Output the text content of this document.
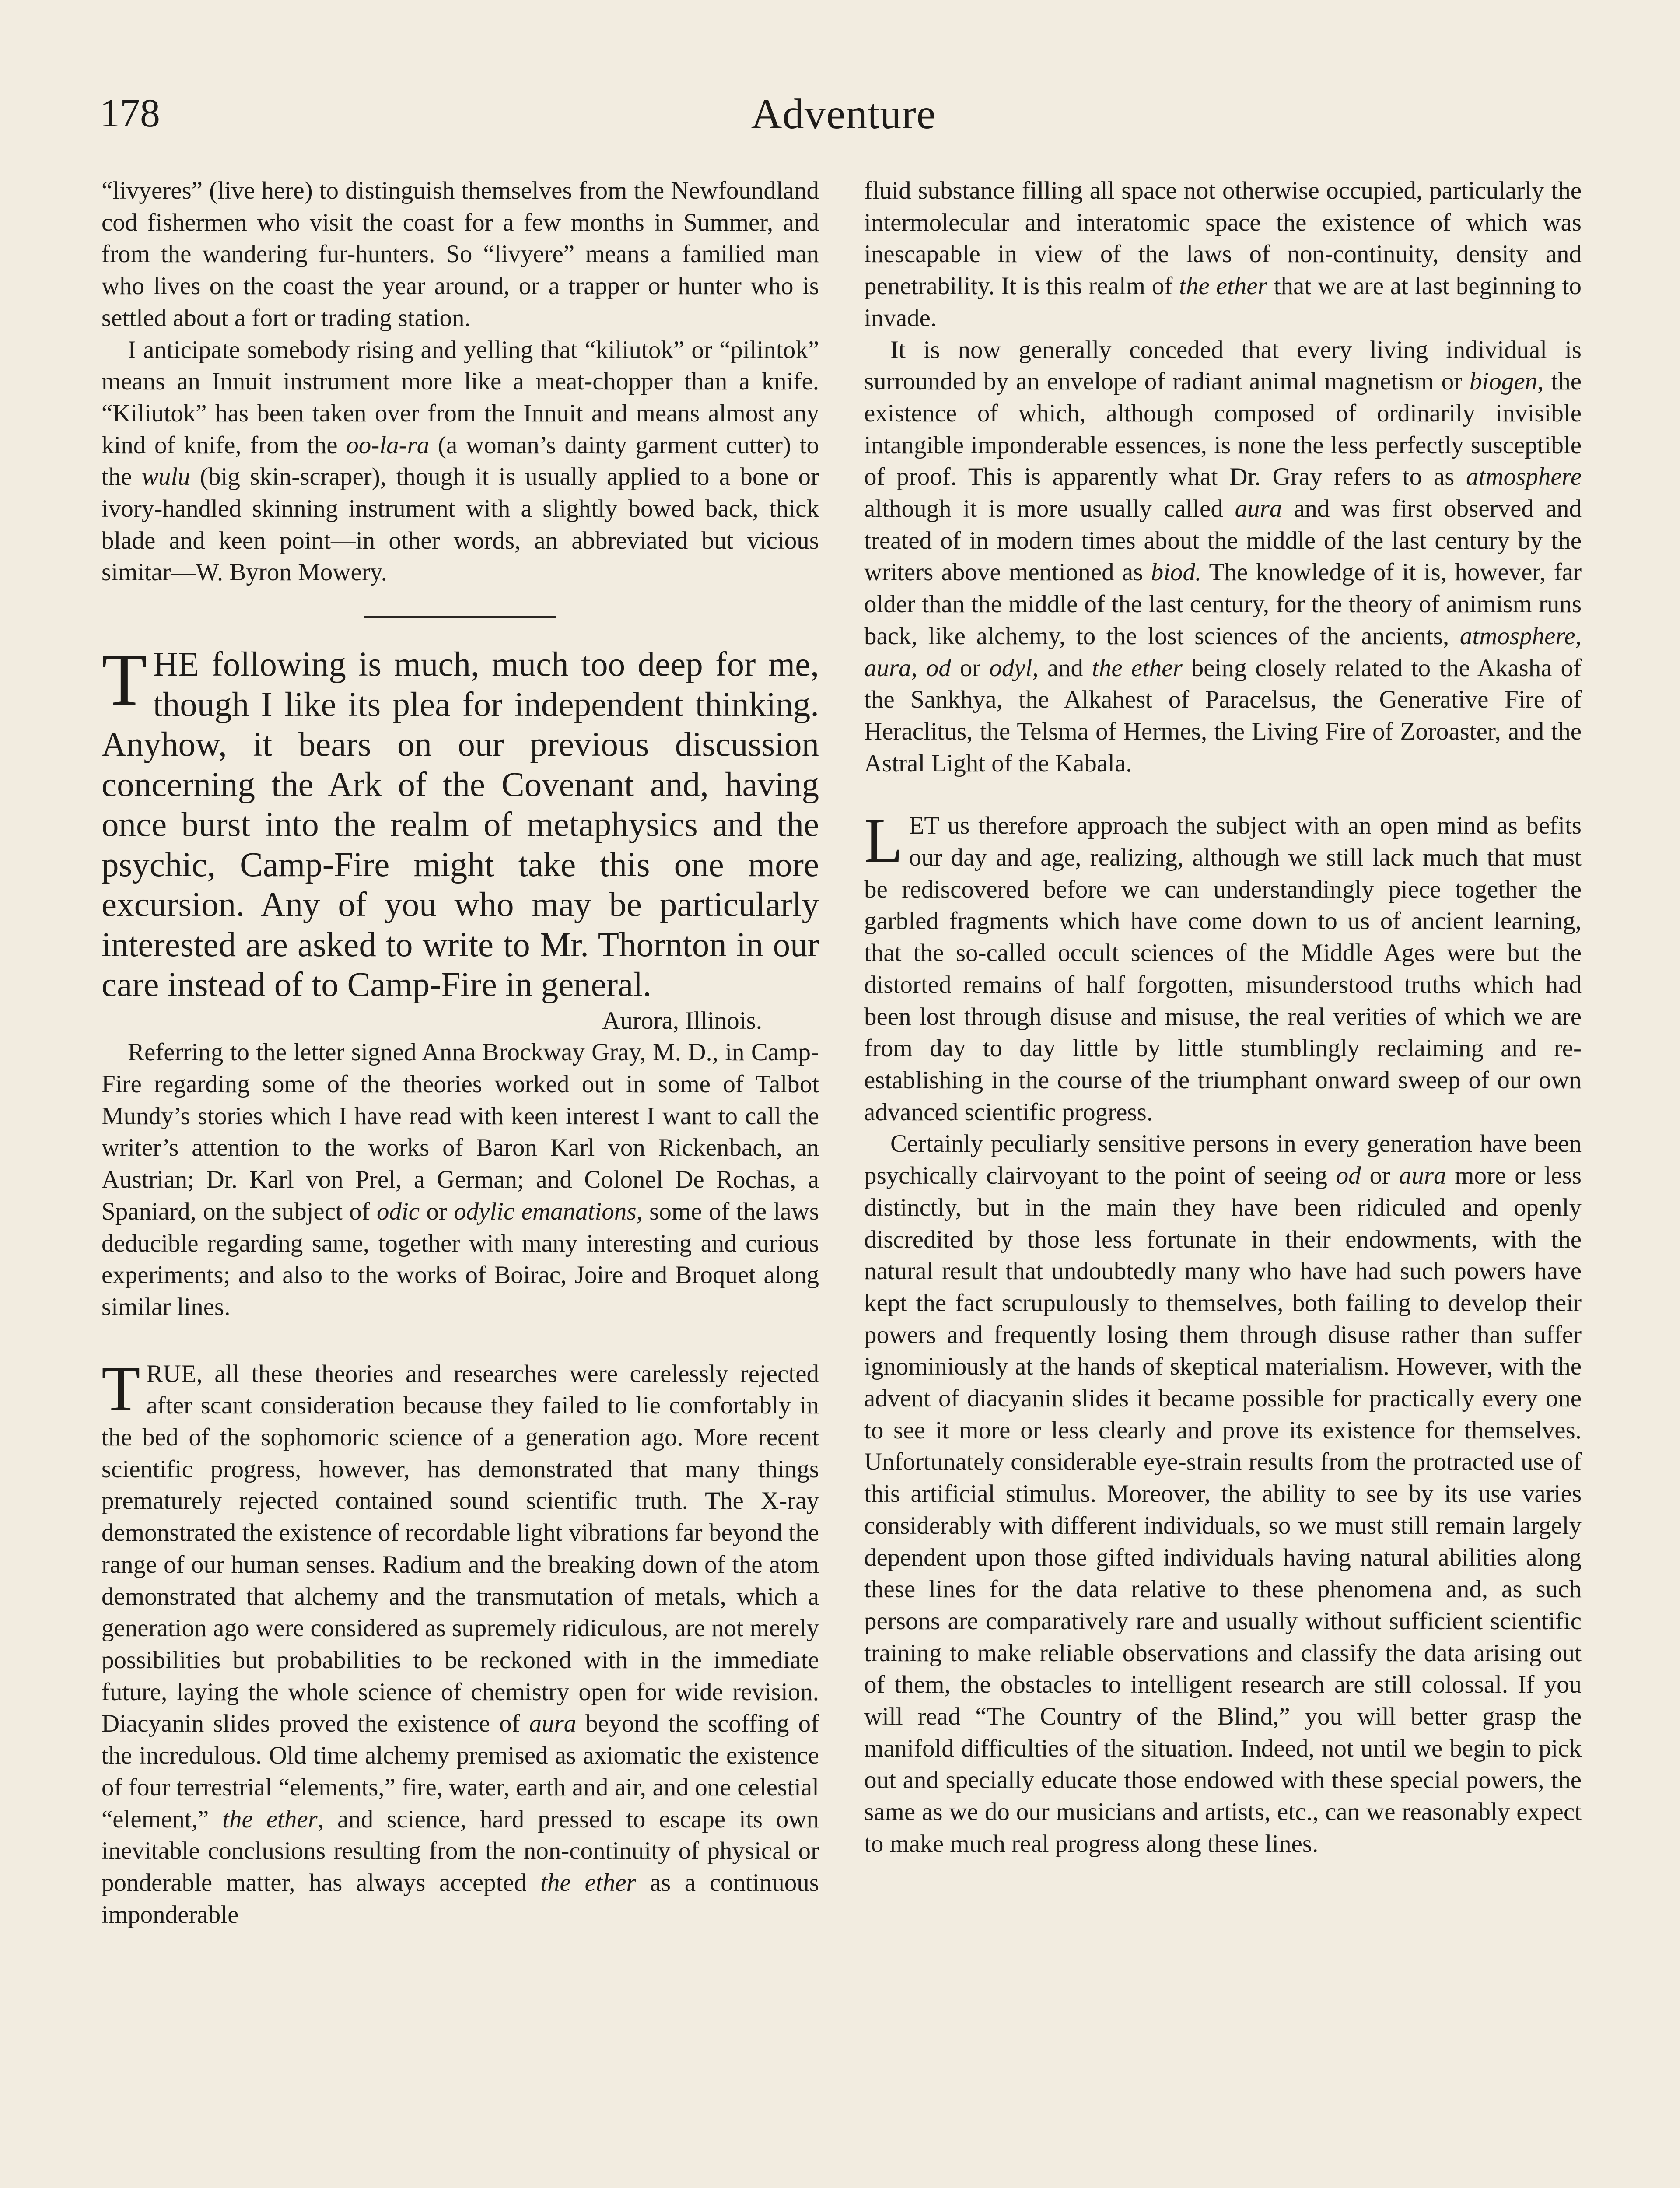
178	Adventure

“livyeres” (live here) to distinguish themselves from the Newfoundland cod fishermen who visit the coast for a few months in Summer, and from the wandering fur-hunters. So “livyere” means a familied man who lives on the coast the year around, or a trapper or hunter who is settled about a fort or trading station.

I anticipate somebody rising and yelling that “kiliutok” or “pilintok” means an Innuit instrument more like a meat-chopper than a knife. “Kiliutok” has been taken over from the Innuit and means almost any kind of knife, from the oo-la-ra (a woman’s dainty garment cutter) to the wulu (big skin-scraper), though it is usually applied to a bone or ivory-handled skinning instrument with a slightly bowed back, thick blade and keen point—in other words, an abbreviated but vicious simitar—W. Byron Mowery.

THE following is much, much too deep for me, though I like its plea for independent thinking. Anyhow, it bears on our previous discussion concerning the Ark of the Covenant and, having once burst into the realm of metaphysics and the psychic, Camp-Fire might take this one more excursion. Any of you who may be particularly interested are asked to write to Mr. Thornton in our care instead of to Camp-Fire in general.

Aurora, Illinois.

Referring to the letter signed Anna Brockway Gray, M. D., in Camp-Fire regarding some of the theories worked out in some of Talbot Mundy’s stories which I have read with keen interest I want to call the writer’s attention to the works of Baron Karl von Rickenbach, an Austrian; Dr. Karl von Prel, a German; and Colonel De Rochas, a Spaniard, on the subject of odic or odylic emanations, some of the laws deducible regarding same, together with many interesting and curious experiments; and also to the works of Boirac, Joire and Broquet along similar lines.

TRUE, all these theories and researches were carelessly rejected after scant consideration because they failed to lie comfortably in the bed of the sophomoric science of a generation ago. More recent scientific progress, however, has demonstrated that many things prematurely rejected contained sound scientific truth. The X-ray demonstrated the existence of recordable light vibrations far beyond the range of our human senses. Radium and the breaking down of the atom demonstrated that alchemy and the transmutation of metals, which a generation ago were considered as supremely ridiculous, are not merely possibilities but probabilities to be reckoned with in the immediate future, laying the whole science of chemistry open for wide revision. Diacyanin slides proved the existence of aura beyond the scoffing of the incredulous. Old time alchemy premised as axiomatic the existence of four terrestrial “elements,” fire, water, earth and air, and one celestial “element,” the ether, and science, hard pressed to escape its own inevitable conclusions resulting from the non-continuity of physical or ponderable matter, has always accepted the ether as a continuous imponderable

fluid substance filling all space not otherwise occupied, particularly the intermolecular and interatomic space the existence of which was inescapable in view of the laws of non-continuity, density and penetrability. It is this realm of the ether that we are at last beginning to invade.

It is now generally conceded that every living individual is surrounded by an envelope of radiant animal magnetism or biogen, the existence of which, although composed of ordinarily invisible intangible imponderable essences, is none the less perfectly susceptible of proof. This is apparently what Dr. Gray refers to as atmosphere although it is more usually called aura and was first observed and treated of in modern times about the middle of the last century by the writers above mentioned as biod. The knowledge of it is, however, far older than the middle of the last century, for the theory of animism runs back, like alchemy, to the lost sciences of the ancients, atmosphere, aura, od or odyl, and the ether being closely related to the Akasha of the Sankhya, the Alkahest of Paracelsus, the Generative Fire of Heraclitus, the Telsma of Hermes, the Living Fire of Zoroaster, and the Astral Light of the Kabala.

LET us therefore approach the subject with an open mind as befits our day and age, realizing, although we still lack much that must be rediscovered before we can understandingly piece together the garbled fragments which have come down to us of ancient learning, that the so-called occult sciences of the Middle Ages were but the distorted remains of half forgotten, misunderstood truths which had been lost through disuse and misuse, the real verities of which we are from day to day little by little stumblingly reclaiming and re-establishing in the course of the triumphant onward sweep of our own advanced scientific progress.

Certainly peculiarly sensitive persons in every generation have been psychically clairvoyant to the point of seeing od or aura more or less distinctly, but in the main they have been ridiculed and openly discredited by those less fortunate in their endowments, with the natural result that undoubtedly many who have had such powers have kept the fact scrupulously to themselves, both failing to develop their powers and frequently losing them through disuse rather than suffer ignominiously at the hands of skeptical materialism. However, with the advent of diacyanin slides it became possible for practically every one to see it more or less clearly and prove its existence for themselves. Unfortunately considerable eye-strain results from the protracted use of this artificial stimulus. Moreover, the ability to see by its use varies considerably with different individuals, so we must still remain largely dependent upon those gifted individuals having natural abilities along these lines for the data relative to these phenomena and, as such persons are comparatively rare and usually without sufficient scientific training to make reliable observations and classify the data arising out of them, the obstacles to intelligent research are still colossal. If you will read “The Country of the Blind,” you will better grasp the manifold difficulties of the situation. Indeed, not until we begin to pick out and specially educate those endowed with these special powers, the same as we do our musicians and artists, etc., can we reasonably expect to make much real progress along these lines.
